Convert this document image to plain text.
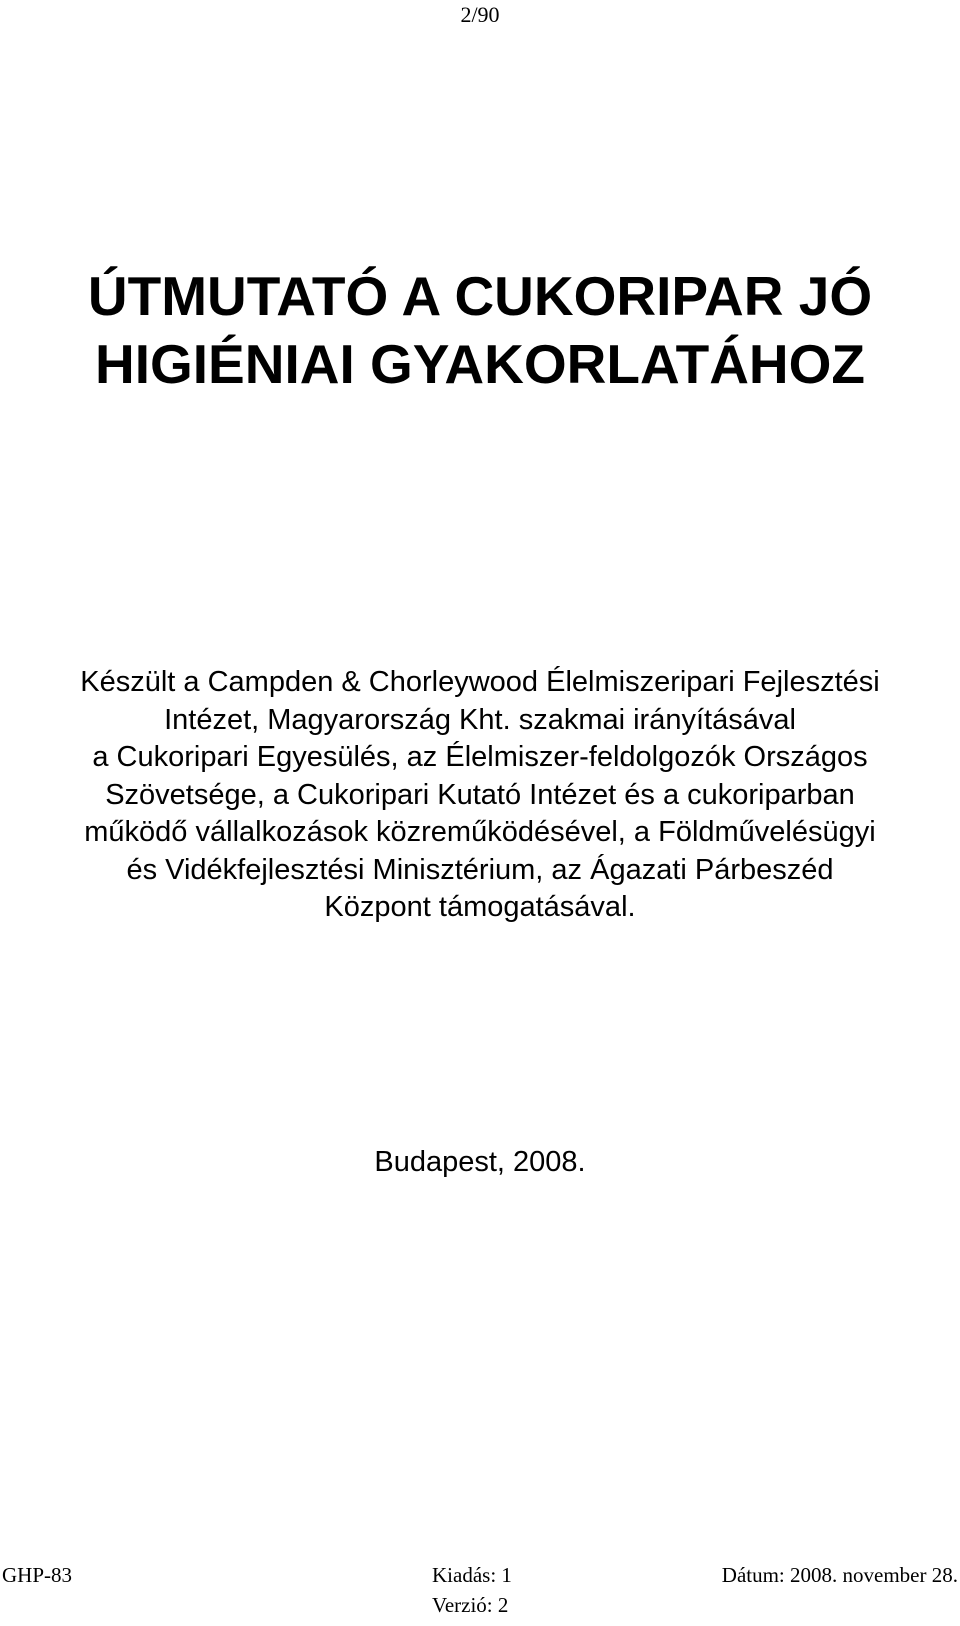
2/90
ÚTMUTATÓ A CUKORIPAR JÓ
HIGIÉNIAI GYAKORLATÁHOZ
Készült a Campden & Chorleywood Élelmiszeripari Fejlesztési
Intézet, Magyarország Kht. szakmai irányításával
a Cukoripari Egyesülés, az Élelmiszer-feldolgozók Országos
Szövetsége, a Cukoripari Kutató Intézet és a cukoriparban
működő vállalkozások közreműködésével, a Földművelésügyi
és Vidékfejlesztési Minisztérium, az Ágazati Párbeszéd
Központ támogatásával.
Budapest, 2008.
GHP-83	Kiadás: 1
Verzió: 2
Dátum: 2008. november 28.
